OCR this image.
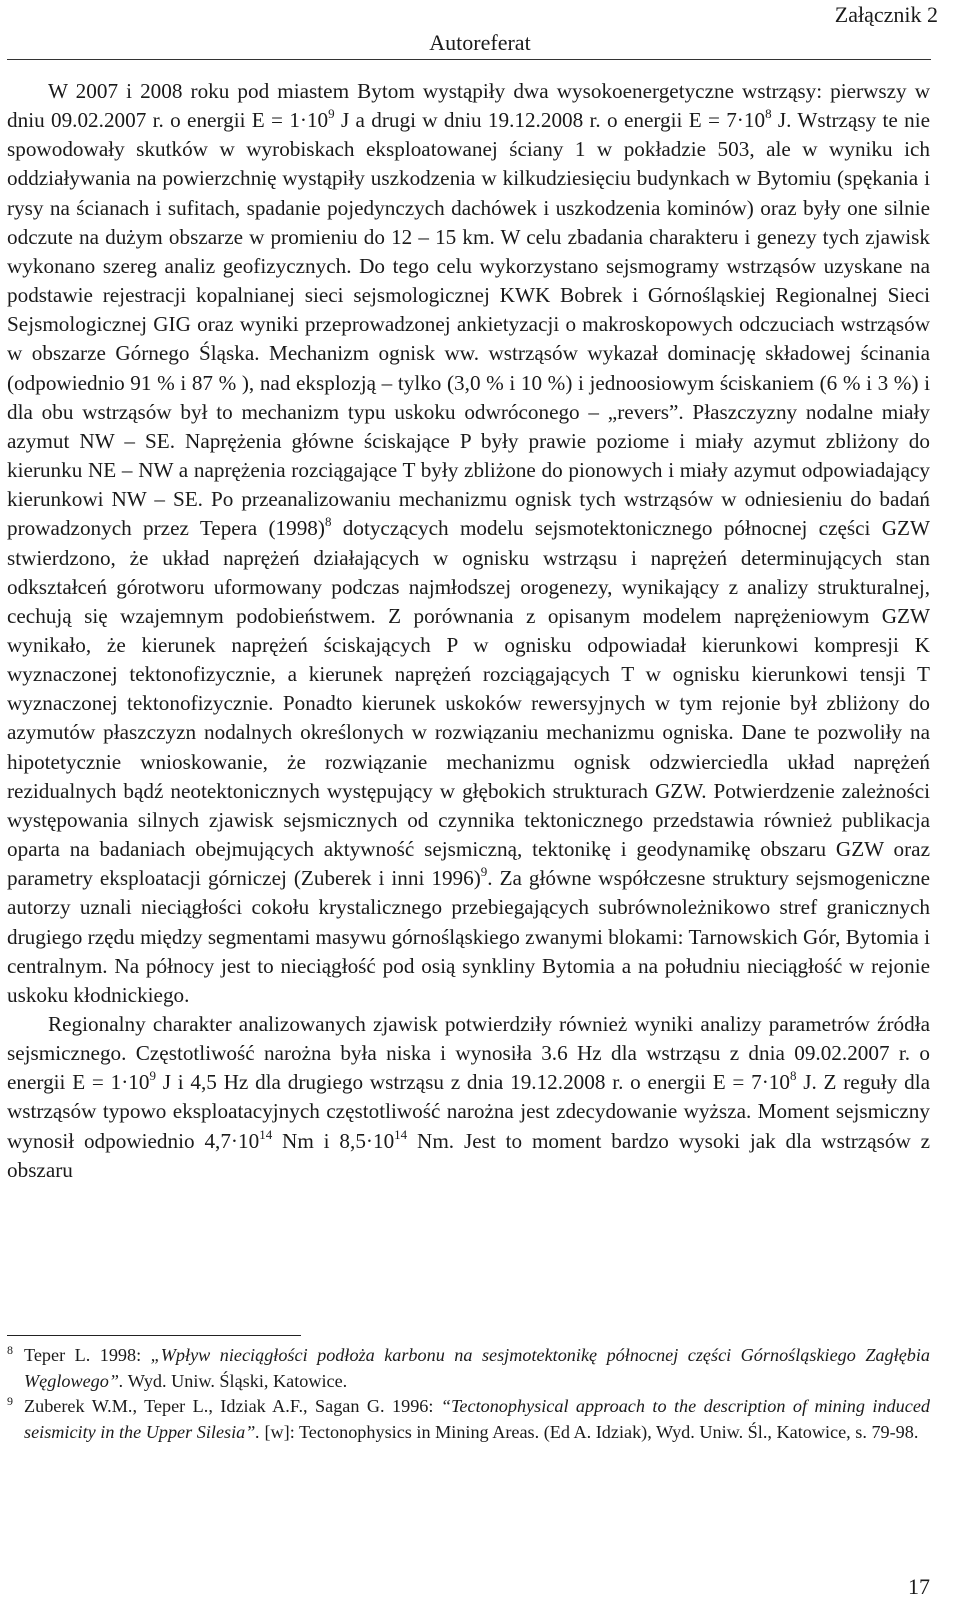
Załącznik 2
Autoreferat

W 2007 i 2008 roku pod miastem Bytom wystąpiły dwa wysokoenergetyczne wstrząsy: pierwszy w dniu 09.02.2007 r. o energii $E = 1\cdot 10^9$ J a drugi w dniu 19.12.2008 r. o energii $E = 7\cdot 10^8$ J. Wstrząsy te nie spowodowały skutków w wyrobiskach eksploatowanej ściany 1 w pokładzie 503, ale w wyniku ich oddziaływania na powierzchnię wystąpiły uszkodzenia w kilkudziesięciu budynkach w Bytomiu (spękania i rysy na ścianach i sufitach, spadanie pojedynczych dachówek i uszkodzenia kominów) oraz były one silnie odczute na dużym obszarze w promieniu do 12 – 15 km. W celu zbadania charakteru i genezy tych zjawisk wykonano szereg analiz geofizycznych. Do tego celu wykorzystano sejsmogramy wstrząsów uzyskane na podstawie rejestracji kopalnianej sieci sejsmologicznej KWK Bobrek i Górnośląskiej Regionalnej Sieci Sejsmologicznej GIG oraz wyniki przeprowadzonej ankietyzacji o makroskopowych odczuciach wstrząsów w obszarze Górnego Śląska. Mechanizm ognisk ww. wstrząsów wykazał dominację składowej ścinania (odpowiednio 91 % i 87 % ), nad eksplozją – tylko (3,0 % i 10 %) i jednoosiowym ściskaniem (6 % i 3 %) i dla obu wstrząsów był to mechanizm typu uskoku odwróconego – „revers”. Płaszczyzny nodalne miały azymut NW – SE. Naprężenia główne ściskające P były prawie poziome i miały azymut zbliżony do kierunku NE – NW a naprężenia rozciągające T były zbliżone do pionowych i miały azymut odpowiadający kierunkowi NW – SE. Po przeanalizowaniu mechanizmu ognisk tych wstrząsów w odniesieniu do badań prowadzonych przez Tepera $(1998)^8$ dotyczących modelu sejsmotektonicznego północnej części GZW stwierdzono, że układ naprężeń działających w ognisku wstrząsu i naprężeń determinujących stan odkształceń górotworu uformowany podczas najmłodszej orogenezy, wynikający z analizy strukturalnej, cechują się wzajemnym podobieństwem. Z porównania z opisanym modelem naprężeniowym GZW wynikało, że kierunek naprężeń ściskających P w ognisku odpowiadał kierunkowi kompresji K wyznaczonej tektonofizycznie, a kierunek naprężeń rozciągających T w ognisku kierunkowi tensji T wyznaczonej tektonofizycznie. Ponadto kierunek uskoków rewersyjnych w tym rejonie był zbliżony do azymutów płaszczyzn nodalnych określonych w rozwiązaniu mechanizmu ogniska. Dane te pozwoliły na hipotetycznie wnioskowanie, że rozwiązanie mechanizmu ognisk odzwierciedla układ naprężeń rezidualnych bądź neotektonicznych występujący w głębokich strukturach GZW. Potwierdzenie zależności występowania silnych zjawisk sejsmicznych od czynnika tektonicznego przedstawia również publikacja oparta na badaniach obejmujących aktywność sejsmiczną, tektonikę i geodynamikę obszaru GZW oraz parametry eksploatacji górniczej (Zuberek i inni 1996)$^9$. Za główne współczesne struktury sejsmogeniczne autorzy uznali nieciągłości cokołu krystalicznego przebiegających subrównoleżnikowo stref granicznych drugiego rzędu między segmentami masywu górnośląskiego zwanymi blokami: Tarnowskich Gór, Bytomia i centralnym. Na północy jest to nieciągłość pod osią synkliny Bytomia a na południu nieciągłość w rejonie uskoku kłodnickiego.

Regionalny charakter analizowanych zjawisk potwierdziły również wyniki analizy parametrów źródła sejsmicznego. Częstotliwość narożna była niska i wynosiła 3.6 Hz dla wstrząsu z dnia 09.02.2007 r. o energii $E = 1\cdot 10^9$ J i 4,5 Hz dla drugiego wstrząsu z dnia 19.12.2008 r. o energii $E = 7\cdot 10^8$ J. Z reguły dla wstrząsów typowo eksploatacyjnych częstotliwość narożna jest zdecydowanie wyższa. Moment sejsmiczny wynosił odpowiednio $4,7\cdot 10^{14}$ Nm i $8,5\cdot 10^{14}$ Nm. Jest to moment bardzo wysoki jak dla wstrząsów z obszaru

8 Teper L. 1998: „Wpływ nieciągłości podłoża karbonu na sesjmotektonikę północnej części Górnośląskiego Zagłębia Węglowego”. Wyd. Uniw. Śląski, Katowice.

9 Zuberek W.M., Teper L., Idziak A.F., Sagan G. 1996: “Tectonophysical approach to the description of mining induced seismicity in the Upper Silesia”. [w]: Tectonophysics in Mining Areas. (Ed A. Idziak), Wyd. Uniw. Śl., Katowice, s. 79-98.

17
